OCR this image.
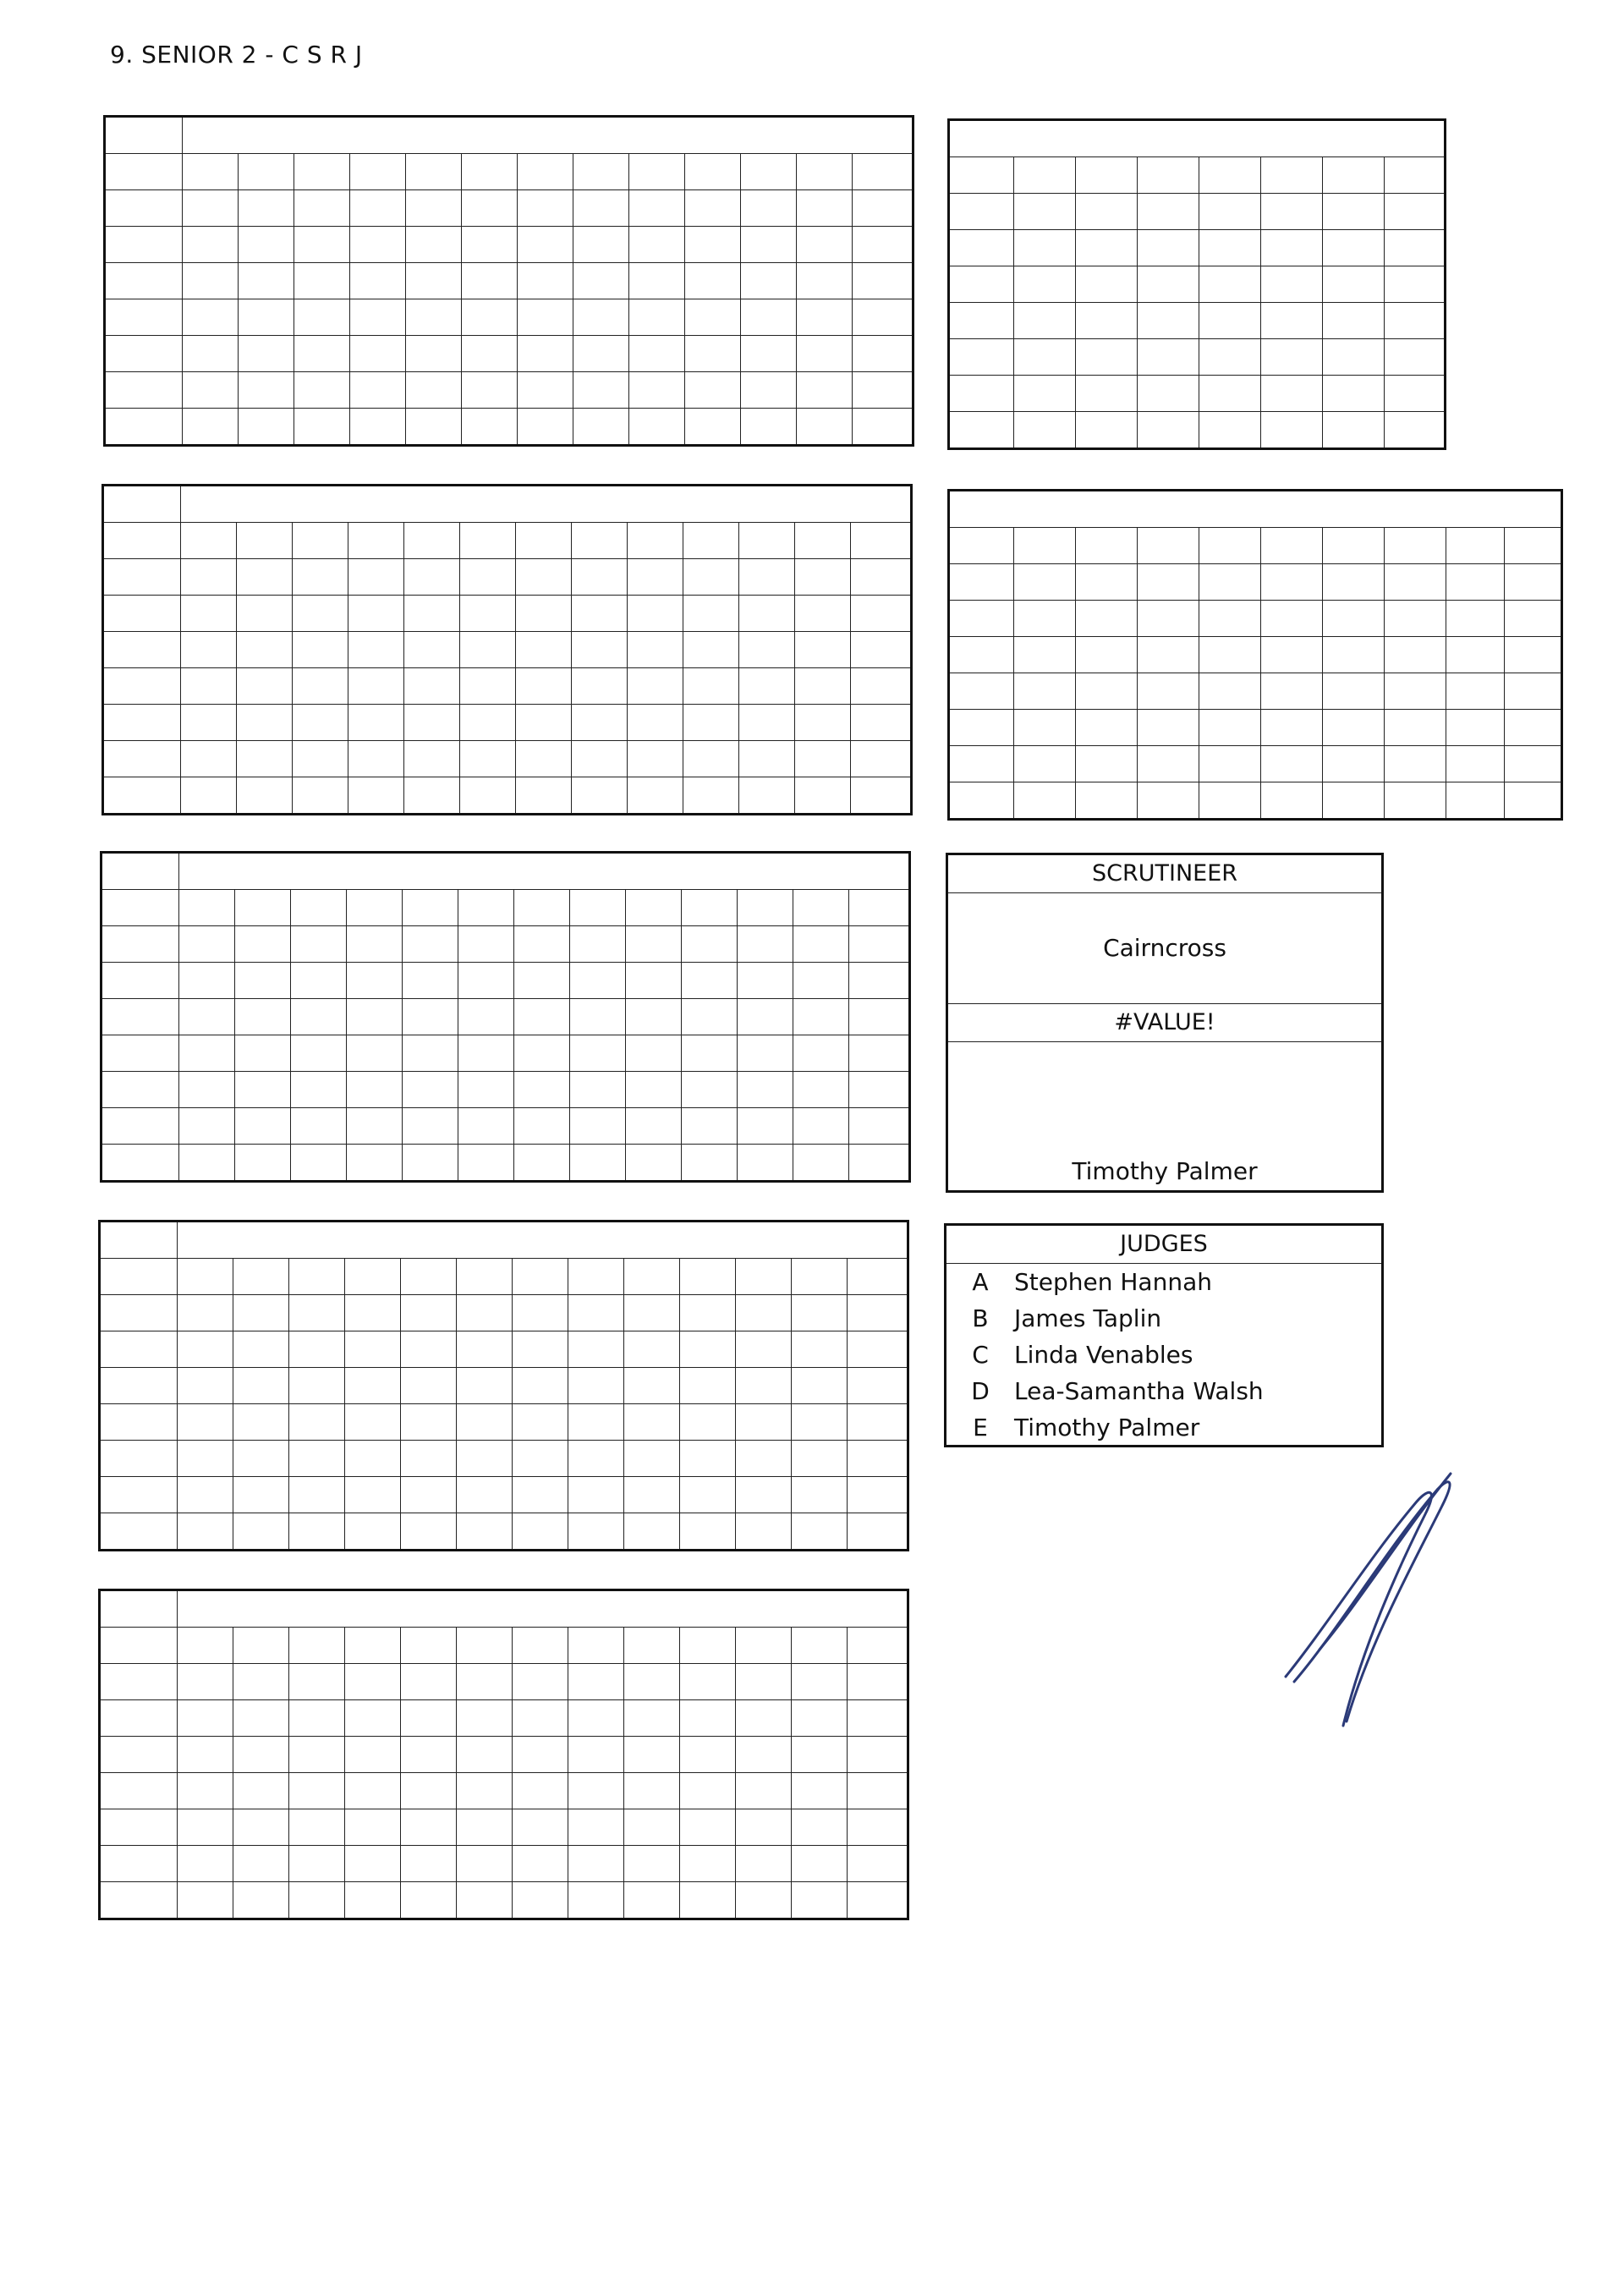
9. SENIOR 2 - C S R J

SCRUTINEER
Cairncross
#VALUE!
Timothy Palmer
JUDGES
A	Stephen Hannah
B	James Taplin
C	Linda Venables
D	Lea-Samantha Walsh
E	Timothy Palmer
